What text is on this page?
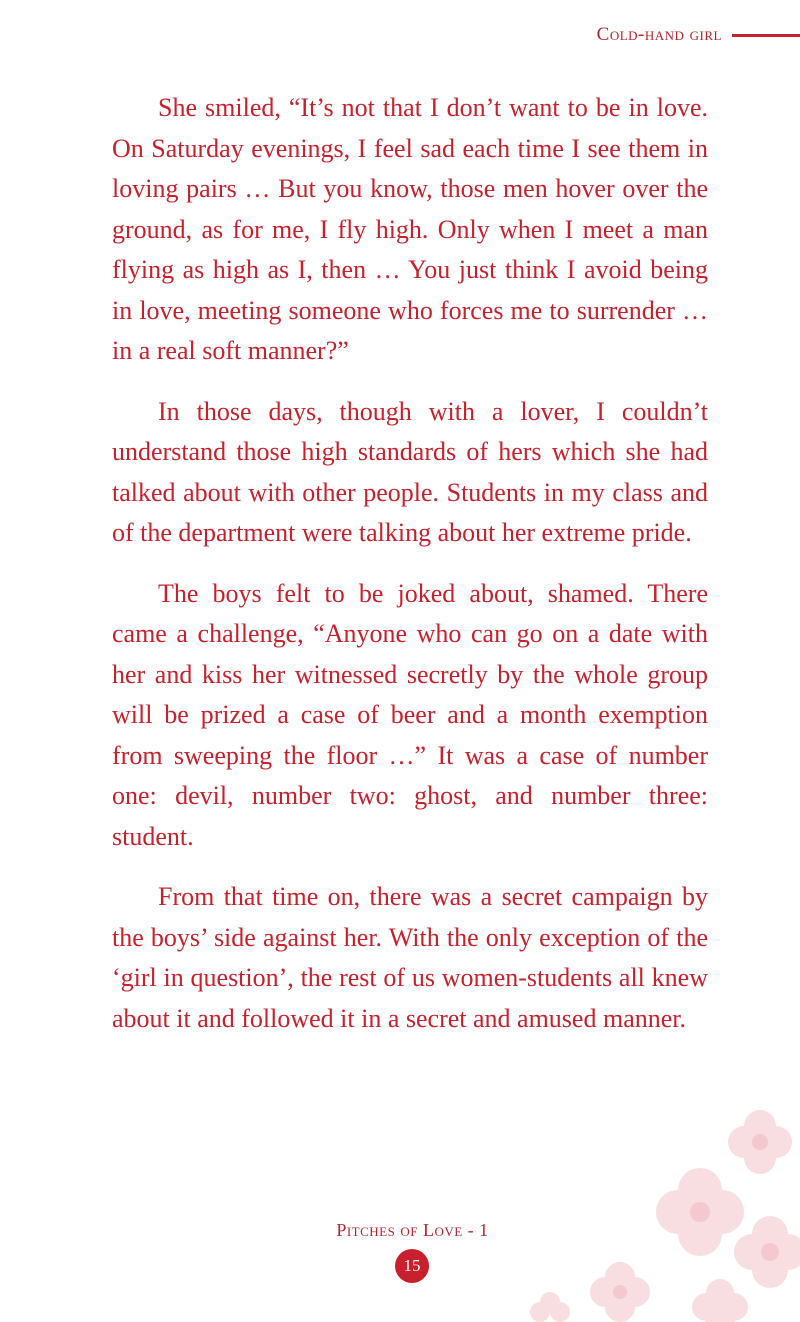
Cold-hand girl

She smiled, “It’s not that I don’t want to be in love. On Saturday evenings, I feel sad each time I see them in loving pairs … But you know, those men hover over the ground, as for me, I fly high. Only when I meet a man flying as high as I, then … You just think I avoid being in love, meeting someone who forces me to surrender … in a real soft manner?”

In those days, though with a lover, I couldn’t understand those high standards of hers which she had talked about with other people. Students in my class and of the department were talking about her extreme pride.

The boys felt to be joked about, shamed. There came a challenge, “Anyone who can go on a date with her and kiss her witnessed secretly by the whole group will be prized a case of beer and a month exemption from sweeping the floor …” It was a case of number one: devil, number two: ghost, and number three: student.

From that time on, there was a secret campaign by the boys’ side against her. With the only exception of the ‘girl in question’, the rest of us women-students all knew about it and followed it in a secret and amused manner.

Pitches of Love - 1
15
